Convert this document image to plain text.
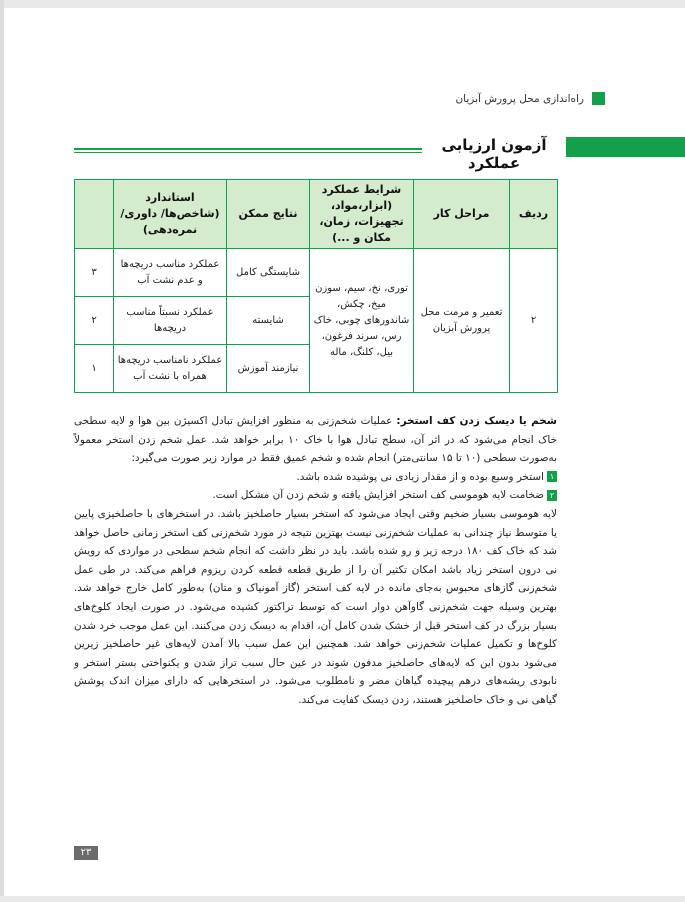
راه‌اندازی محل پرورش آبزیان
آزمون ارزیابی عملکرد
ردیف	مراحل کار	شرایط عملکرد (ابزار،مواد، تجهیزات، زمان، مکان و ...)	نتایج ممکن	استاندارد (شاخص‌ها/ داوری/ نمره‌دهی)	
۲	تعمیر و مرمت محل پرورش آبزیان	توری، نخ، سیم، سوزن میخ، چکش، شاندورهای چوبی، خاک رس، سرند فرغون، بیل، کلنگ، ماله	شایستگی کامل	عملکرد مناسب دریچه‌ها و عدم نشت آب	۳
			شایسته	عملکرد نسبتاً مناسب دریچه‌ها	۲
			نیازمند آموزش	عملکرد نامناسب دریچه‌ها همراه با نشت آب	۱

شخم یا دیسک زدن کف استخر: عملیات شخم‌زنی به منظور افزایش تبادل اکسیژن بین هوا و لایه سطحی خاک انجام می‌شود که در اثر آن، سطح تبادل هوا با خاک ۱۰ برابر خواهد شد. عمل شخم زدن استخر معمولاً به‌صورت سطحی (۱۰ تا ۱۵ سانتی‌متر) انجام شده و شخم عمیق فقط در موارد زیر صورت می‌گیرد:

۱استخر وسیع بوده و از مقدار زیادی نی پوشیده شده باشد.

۲ضخامت لایه هوموسی کف استخر افزایش یافته و شخم زدن آن مشکل است.

لایه هوموسی بسیار ضخیم وقتی ایجاد می‌شود که استخر بسیار حاصلخیز باشد. در استخرهای با حاصلخیزی پایین یا متوسط نیاز چندانی به عملیات شخم‌زنی نیست بهترین نتیجه در مورد شخم‌زنی کف استخر زمانی حاصل خواهد شد که خاک کف ۱۸۰ درجه زیر و رو شده باشد. باید در نظر داشت که انجام شخم سطحی در مواردی که رویش نی درون استخر زیاد باشد امکان تکثیر آن را از طریق قطعه قطعه کردن ریزوم فراهم می‌کند. در طی عمل شخم‌زنی گازهای محبوس به‌جای مانده در لایه کف استخر (گاز آمونیاک و متان) به‌طور کامل خارج خواهد شد. بهترین وسیله جهت شخم‌زنی گاوآهن دوار است که توسط تراکتور کشیده می‌شود. در صورت ایجاد کلوخ‌های بسیار بزرگ در کف استخر قبل از خشک شدن کامل آن، اقدام به دیسک زدن می‌کنند. این عمل موجب خرد شدن کلوخ‌ها و تکمیل عملیات شخم‌زنی خواهد شد. همچنین این عمل سبب بالا آمدن لایه‌های غیر حاصلخیز زیرین می‌شود بدون این که لایه‌های حاصلخیز مدفون شوند در عین حال سبب تراز شدن و یکنواختی بستر استخر و نابودی ریشه‌های درهم پیچیده گیاهان مضر و نامطلوب می‌شود. در استخرهایی که دارای میزان اندک پوشش گیاهی نی و خاک حاصلخیز هستند، زدن دیسک کفایت می‌کند.

۲۳
